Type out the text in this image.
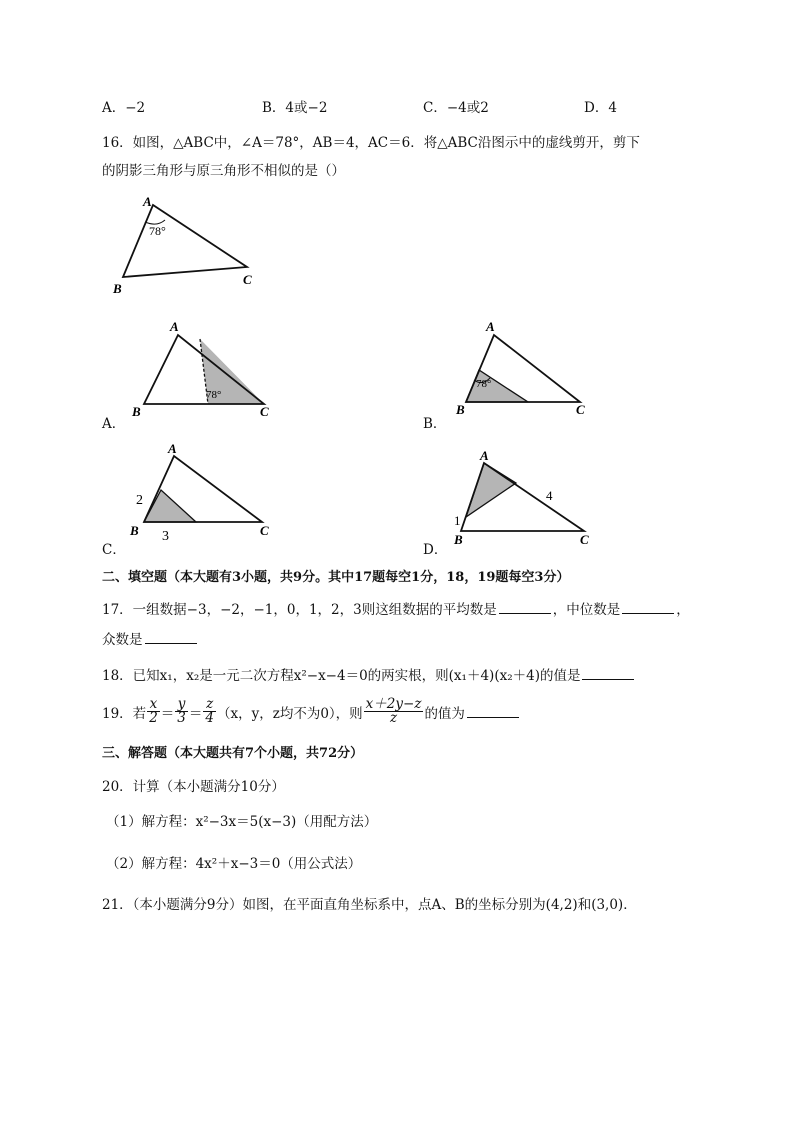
A．−2	B．4或−2	C．−4或2	D．4
16．如图，△ABC中，∠A＝78°，AB＝4，AC＝6．将△ABC沿图示中的虚线剪开，剪下
的阴影三角形与原三角形不相似的是（）
A
78°
B
C
A．
A
78°
B	C
B．
A
78°
B	C
C．
A
2
3
B	C
D．
A
1
4
B	C
二、填空题（本大题有3小题，共9分。其中17题每空1分，18，19题每空3分）
17．一组数据−3，−2，−1，0，1，2，3则这组数据的平均数是	，中位数是	，
众数是
18．已知x₁，x₂是一元二次方程x²−x−4＝0的两实根，则(x₁＋4)(x₂＋4)的值是
19．若 $\frac{x}{2} = \frac{y}{3} = \frac{z}{4} (x$，y，z均不为0），则 $\frac{x+2y-z}{z}$ 的值为
三、解答题（本大题共有7个小题，共72分）
20．计算（本小题满分10分）
（1）解方程：x²−3x＝5(x−3)（用配方法）
（2）解方程：4x²＋x−3＝0（用公式法）
21．（本小题满分9分）如图，在平面直角坐标系中，点A、B的坐标分别为(4,2)和(3,0)．
